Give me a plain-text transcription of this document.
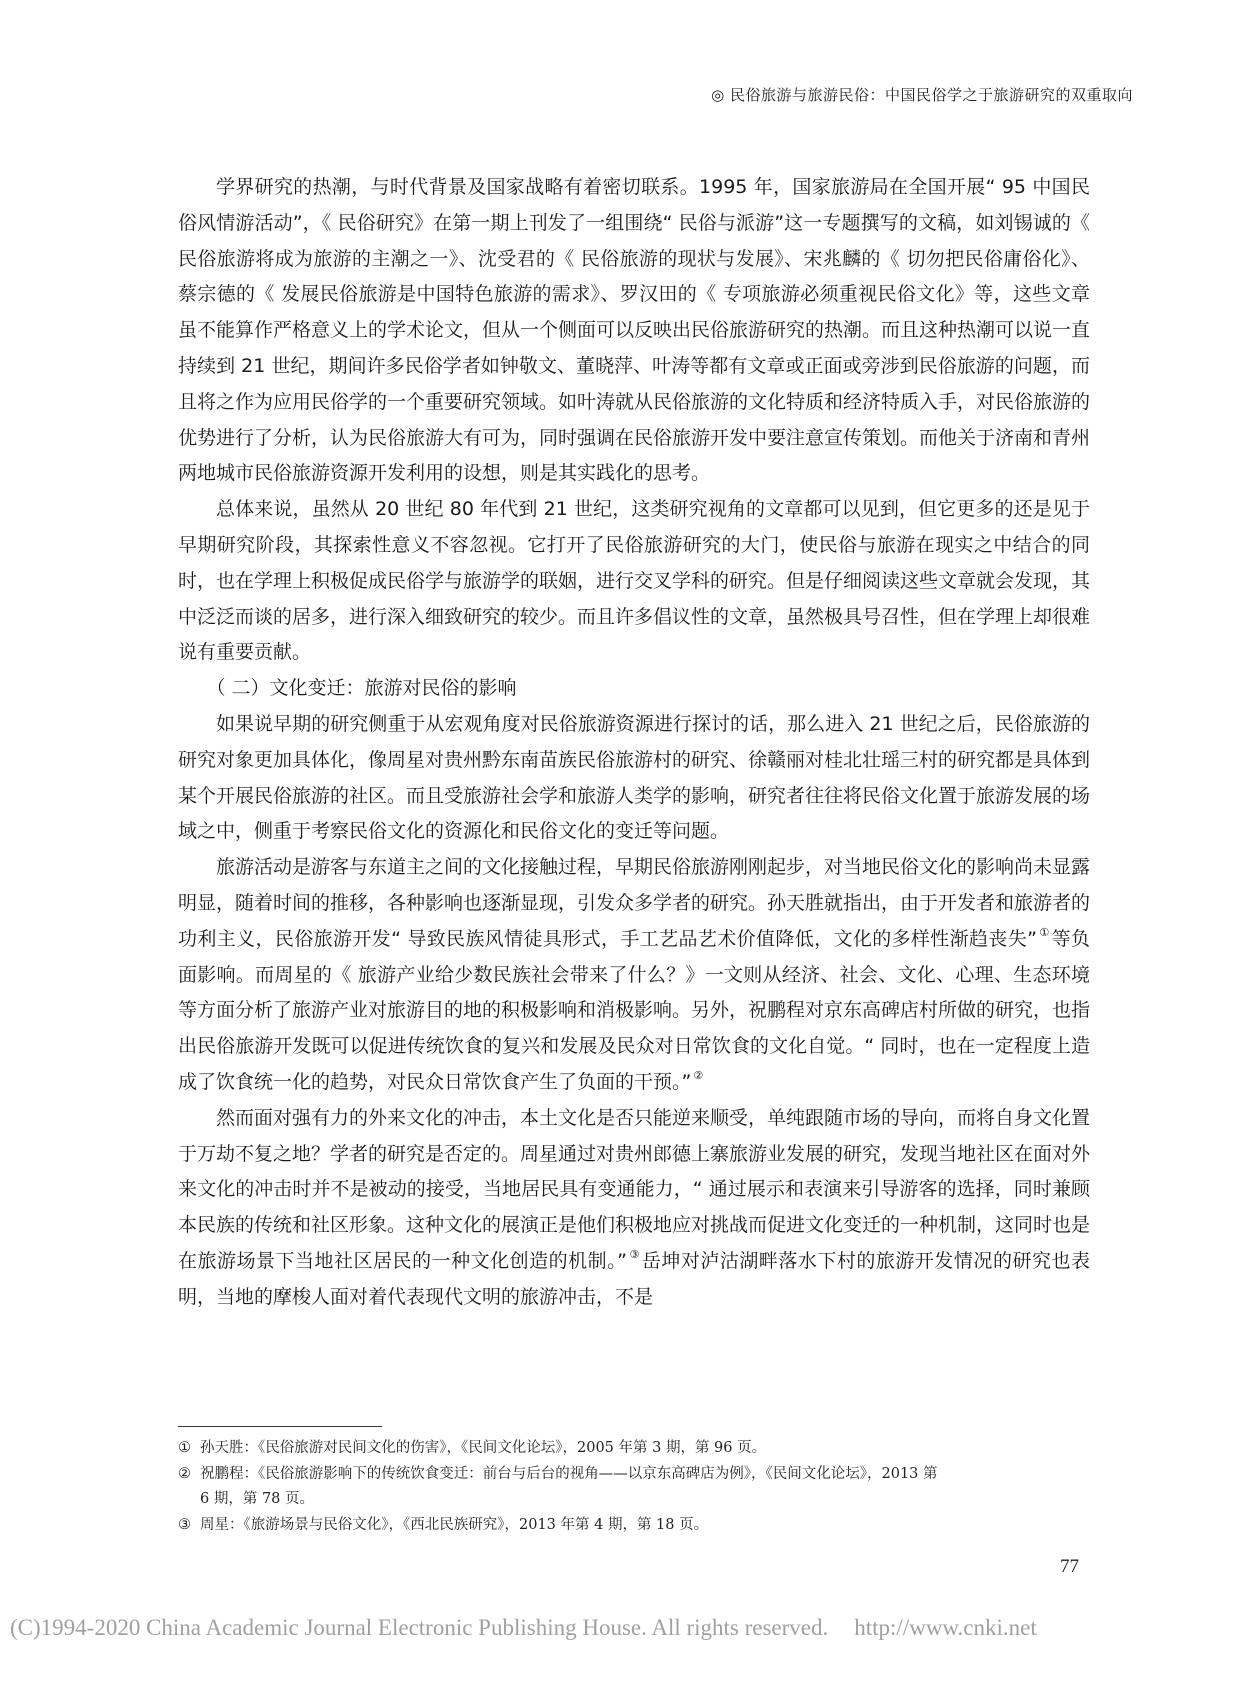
◎ 民俗旅游与旅游民俗：中国民俗学之于旅游研究的双重取向

学界研究的热潮，与时代背景及国家战略有着密切联系。1995 年，国家旅游局在全国开展“ 95 中国民俗风情游活动”，《 民俗研究》在第一期上刊发了一组围绕“ 民俗与派游”这一专题撰写的文稿，如刘锡诚的《 民俗旅游将成为旅游的主潮之一》、沈受君的《 民俗旅游的现状与发展》、宋兆麟的《 切勿把民俗庸俗化》、蔡宗德的《 发展民俗旅游是中国特色旅游的需求》、罗汉田的《 专项旅游必须重视民俗文化》等，这些文章虽不能算作严格意义上的学术论文，但从一个侧面可以反映出民俗旅游研究的热潮。而且这种热潮可以说一直持续到 21 世纪，期间许多民俗学者如钟敬文、董晓萍、叶涛等都有文章或正面或旁涉到民俗旅游的问题，而且将之作为应用民俗学的一个重要研究领域。如叶涛就从民俗旅游的文化特质和经济特质入手，对民俗旅游的优势进行了分析，认为民俗旅游大有可为，同时强调在民俗旅游开发中要注意宣传策划。而他关于济南和青州两地城市民俗旅游资源开发利用的设想，则是其实践化的思考。

总体来说，虽然从 20 世纪 80 年代到 21 世纪，这类研究视角的文章都可以见到，但它更多的还是见于早期研究阶段，其探索性意义不容忽视。它打开了民俗旅游研究的大门，使民俗与旅游在现实之中结合的同时，也在学理上积极促成民俗学与旅游学的联姻，进行交叉学科的研究。但是仔细阅读这些文章就会发现，其中泛泛而谈的居多，进行深入细致研究的较少。而且许多倡议性的文章，虽然极具号召性，但在学理上却很难说有重要贡献。

（ 二）文化变迁：旅游对民俗的影响

如果说早期的研究侧重于从宏观角度对民俗旅游资源进行探讨的话，那么进入 21 世纪之后，民俗旅游的研究对象更加具体化，像周星对贵州黔东南苗族民俗旅游村的研究、徐赣丽对桂北壮瑶三村的研究都是具体到某个开展民俗旅游的社区。而且受旅游社会学和旅游人类学的影响，研究者往往将民俗文化置于旅游发展的场域之中，侧重于考察民俗文化的资源化和民俗文化的变迁等问题。

旅游活动是游客与东道主之间的文化接触过程，早期民俗旅游刚刚起步，对当地民俗文化的影响尚未显露明显，随着时间的推移，各种影响也逐渐显现，引发众多学者的研究。孙天胜就指出，由于开发者和旅游者的功利主义，民俗旅游开发“ 导致民族风情徒具形式，手工艺品艺术价值降低，文化的多样性渐趋丧失” ① 等负面影响。而周星的《 旅游产业给少数民族社会带来了什么？》一文则从经济、社会、文化、心理、生态环境等方面分析了旅游产业对旅游目的地的积极影响和消极影响。另外，祝鹏程对京东高碑店村所做的研究，也指出民俗旅游开发既可以促进传统饮食的复兴和发展及民众对日常饮食的文化自觉。“ 同时，也在一定程度上造成了饮食统一化的趋势，对民众日常饮食产生了负面的干预。” ②

然而面对强有力的外来文化的冲击，本土文化是否只能逆来顺受，单纯跟随市场的导向，而将自身文化置于万劫不复之地？学者的研究是否定的。周星通过对贵州郎德上寨旅游业发展的研究，发现当地社区在面对外来文化的冲击时并不是被动的接受，当地居民具有变通能力，“ 通过展示和表演来引导游客的选择，同时兼顾本民族的传统和社区形象。这种文化的展演正是他们积极地应对挑战而促进文化变迁的一种机制，这同时也是在旅游场景下当地社区居民的一种文化创造的机制。” ③ 岳坤对泸沽湖畔落水下村的旅游开发情况的研究也表明，当地的摩梭人面对着代表现代文明的旅游冲击，不是

① 孙天胜：《民俗旅游对民间文化的伤害》，《民间文化论坛》，2005 年第 3 期，第 96 页。
② 祝鹏程：《民俗旅游影响下的传统饮食变迁：前台与后台的视角——以京东高碑店为例》，《民间文化论坛》，2013 第 6 期，第 78 页。
③ 周星：《旅游场景与民俗文化》，《西北民族研究》，2013 年第 4 期，第 18 页。
77
(C)1994-2020 China Academic Journal Electronic Publishing House. All rights reserved. http://www.cnki.net
